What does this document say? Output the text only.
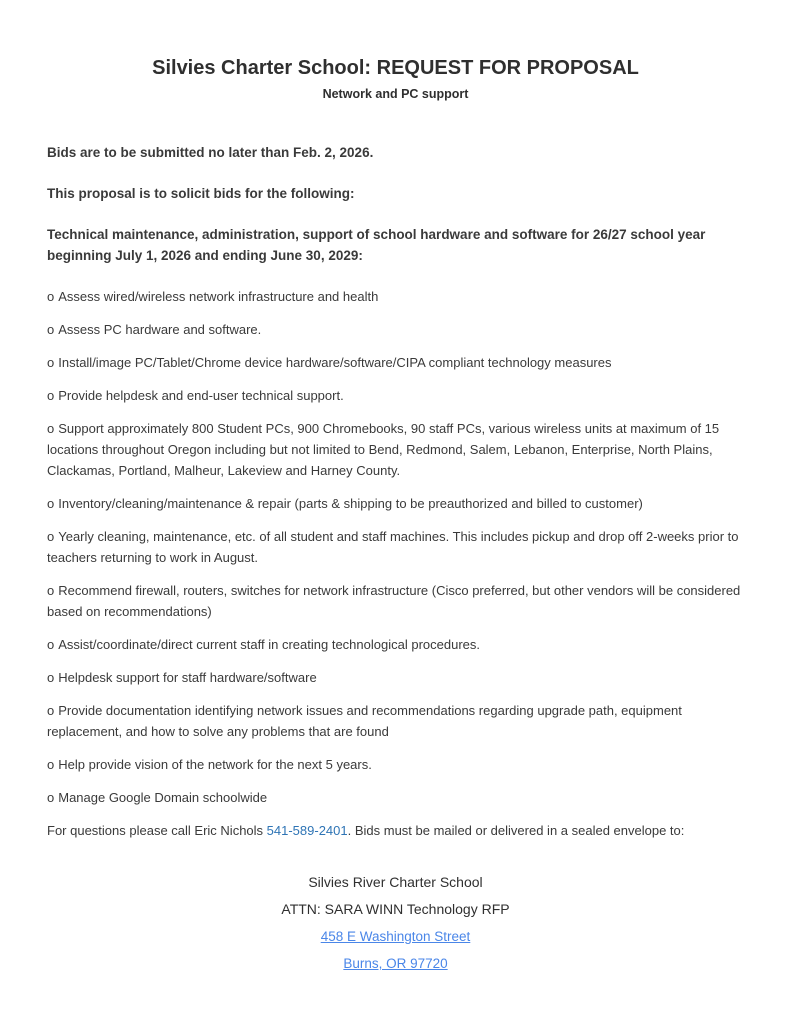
Silvies Charter School: REQUEST FOR PROPOSAL
Network and PC support

Bids are to be submitted no later than Feb. 2, 2026.

This proposal is to solicit bids for the following:

Technical maintenance, administration, support of school hardware and software for 26/27 school year beginning July 1, 2026 and ending June 30, 2029:

o Assess wired/wireless network infrastructure and health

o Assess PC hardware and software.

o Install/image PC/Tablet/Chrome device hardware/software/CIPA compliant technology measures

o Provide helpdesk and end-user technical support.

o Support approximately 800 Student PCs, 900 Chromebooks, 90 staff PCs, various wireless units at maximum of 15 locations throughout Oregon including but not limited to Bend, Redmond, Salem, Lebanon, Enterprise, North Plains, Clackamas, Portland, Malheur, Lakeview and Harney County.

o Inventory/cleaning/maintenance & repair (parts & shipping to be preauthorized and billed to customer)

o Yearly cleaning, maintenance, etc. of all student and staff machines. This includes pickup and drop off 2-weeks prior to teachers returning to work in August.

o Recommend firewall, routers, switches for network infrastructure (Cisco preferred, but other vendors will be considered based on recommendations)

o Assist/coordinate/direct current staff in creating technological procedures.

o Helpdesk support for staff hardware/software

o Provide documentation identifying network issues and recommendations regarding upgrade path, equipment replacement, and how to solve any problems that are found

o Help provide vision of the network for the next 5 years.

o Manage Google Domain schoolwide

For questions please call Eric Nichols 541-589-2401. Bids must be mailed or delivered in a sealed envelope to:

Silvies River Charter School

ATTN: SARA WINN Technology RFP

458 E Washington Street

Burns, OR 97720
